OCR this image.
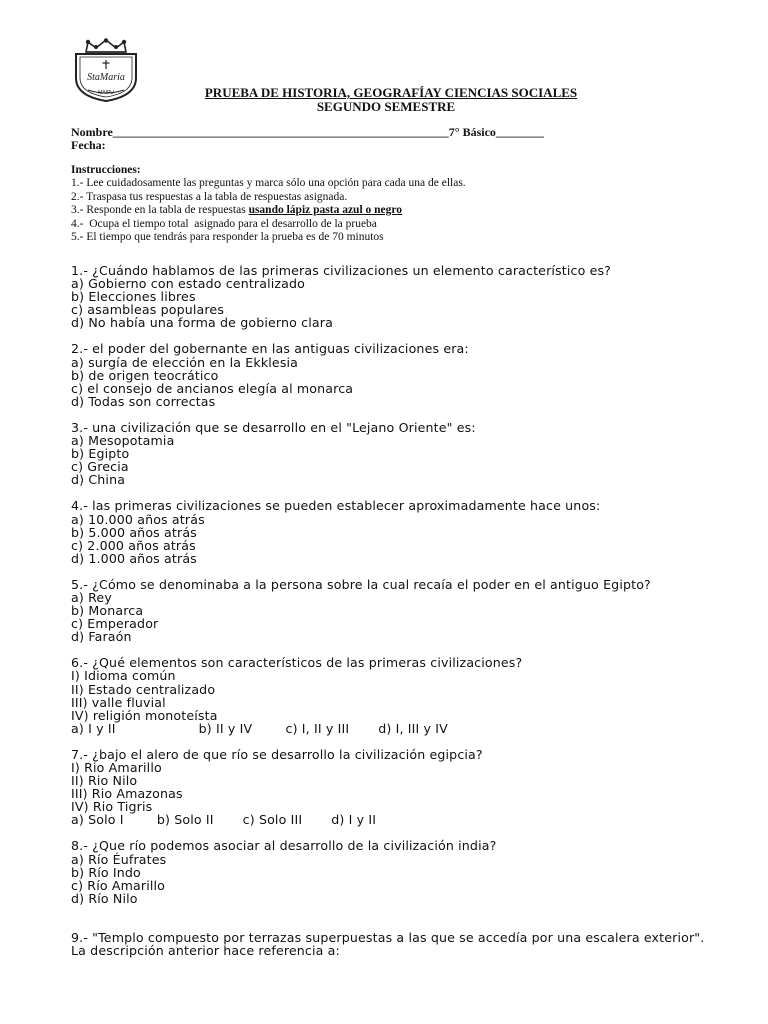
StaMaria
MAIPU	PRUEBA DE HISTORIA, GEOGRAFÍAY CIENCIAS SOCIALES
SEGUNDO SEMESTRE
Nombre________________________________________________________7° Básico________
Fecha:
Instrucciones:
1.- Lee cuidadosamente las preguntas y marca sólo una opción para cada una de ellas.
2.- Traspasa tus respuestas a la tabla de respuestas asignada.
3.- Responde en la tabla de respuestas usando lápiz pasta azul o negro
4.-  Ocupa el tiempo total  asignado para el desarrollo de la prueba
5.- El tiempo que tendrás para responder la prueba es de 70 minutos
1.- ¿Cuándo hablamos de las primeras civilizaciones un elemento característico es?
a) Gobierno con estado centralizado
b) Elecciones libres
c) asambleas populares
d) No había una forma de gobierno clara
2.- el poder del gobernante en las antiguas civilizaciones era:
a) surgía de elección en la Ekklesia
b) de origen teocrático
c) el consejo de ancianos elegía al monarca
d) Todas son correctas
3.- una civilización que se desarrollo en el "Lejano Oriente" es:
a) Mesopotamia
b) Egipto
c) Grecia
d) China
4.- las primeras civilizaciones se pueden establecer aproximadamente hace unos:
a) 10.000 años atrás
b) 5.000 años atrás
c) 2.000 años atrás
d) 1.000 años atrás
5.- ¿Cómo se denominaba a la persona sobre la cual recaía el poder en el antiguo Egipto?
a) Rey
b) Monarca
c) Emperador
d) Faraón
6.- ¿Qué elementos son característicos de las primeras civilizaciones?
I) Idioma común
II) Estado centralizado
III) valle fluvial
IV) religión monoteísta
a) I y II                    b) II y IV        c) I, II y III       d) I, III y IV
7.- ¿bajo el alero de que río se desarrollo la civilización egipcia?
I) Rio Amarillo
II) Rio Nilo
III) Rio Amazonas
IV) Rio Tigris
a) Solo I        b) Solo II       c) Solo III       d) I y II
8.- ¿Que río podemos asociar al desarrollo de la civilización india?
a) Río Éufrates
b) Río Indo
c) Río Amarillo
d) Río Nilo
9.- "Templo compuesto por terrazas superpuestas a las que se accedía por una escalera exterior". La descripción anterior hace referencia a:
